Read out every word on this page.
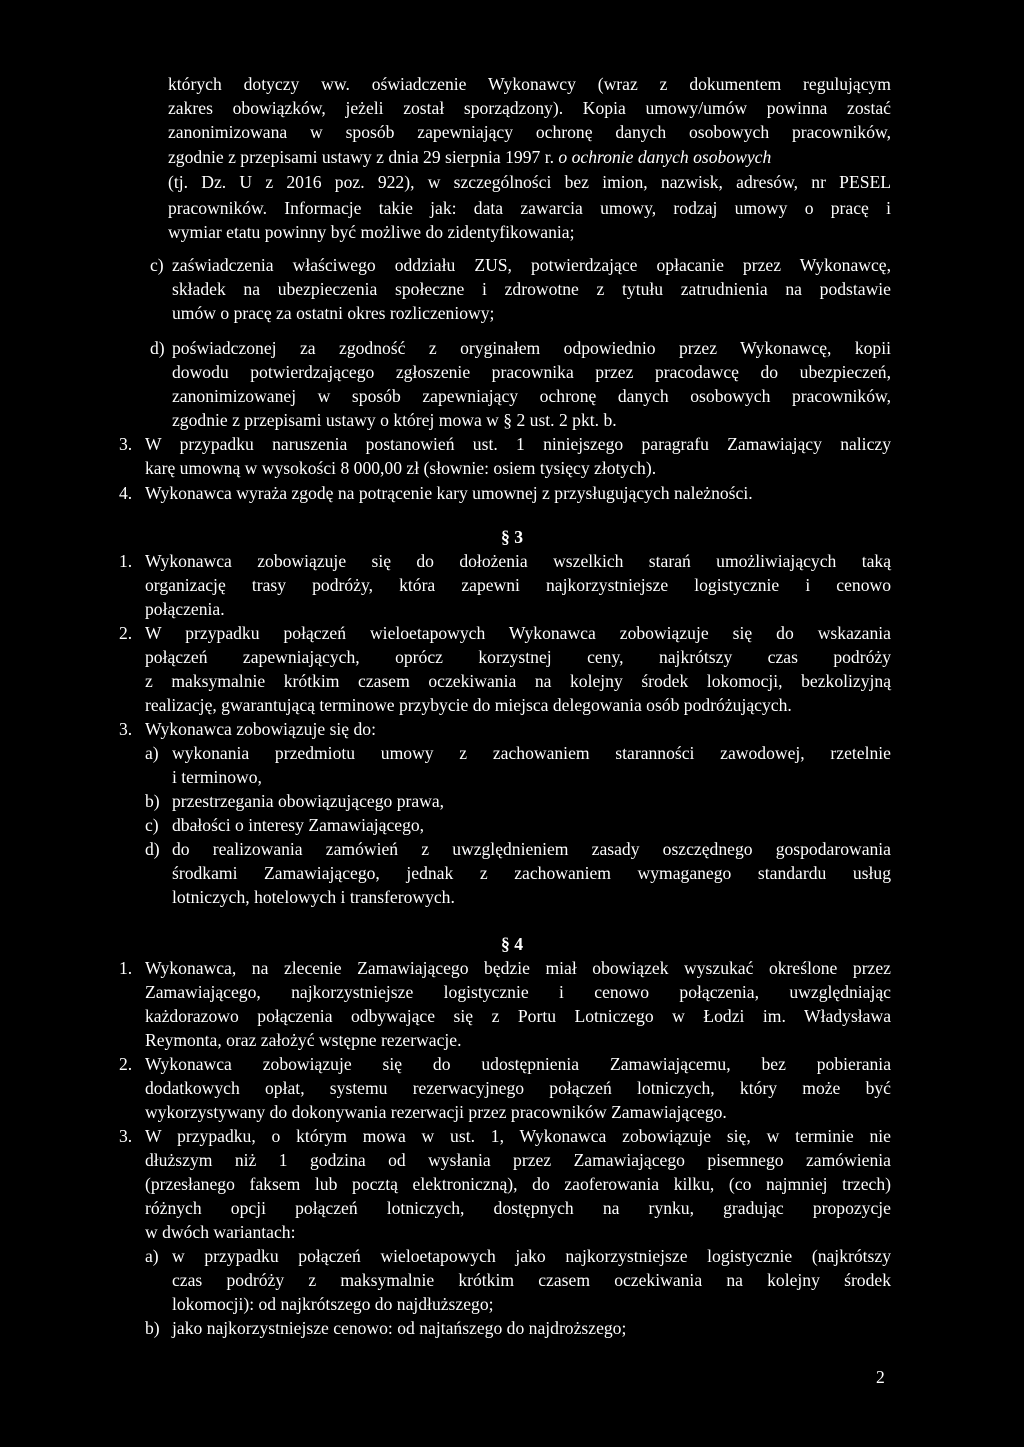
których dotyczy ww. oświadczenie Wykonawcy (wraz z dokumentem regulującym
zakres obowiązków, jeżeli został sporządzony). Kopia umowy/umów powinna zostać
zanonimizowana w sposób zapewniający ochronę danych osobowych pracowników,
zgodnie z przepisami ustawy z dnia 29 sierpnia 1997 r. o ochronie danych osobowych
(tj. Dz. U z 2016 poz. 922), w szczególności bez imion, nazwisk, adresów, nr PESEL
pracowników. Informacje takie jak: data zawarcia umowy, rodzaj umowy o pracę i
wymiar etatu powinny być możliwe do zidentyfikowania;
c) zaświadczenia właściwego oddziału ZUS, potwierdzające opłacanie przez Wykonawcę,
składek na ubezpieczenia społeczne i zdrowotne z tytułu zatrudnienia na podstawie
umów o pracę za ostatni okres rozliczeniowy;
d) poświadczonej za zgodność z oryginałem odpowiednio przez Wykonawcę, kopii
dowodu potwierdzającego zgłoszenie pracownika przez pracodawcę do ubezpieczeń,
zanonimizowanej w sposób zapewniający ochronę danych osobowych pracowników,
zgodnie z przepisami ustawy o której mowa w § 2 ust. 2 pkt. b.
3. W przypadku naruszenia postanowień ust. 1 niniejszego paragrafu Zamawiający naliczy
karę umowną w wysokości 8 000,00 zł (słownie: osiem tysięcy złotych).
4. Wykonawca wyraża zgodę na potrącenie kary umownej z przysługujących należności.
§ 3
1. Wykonawca zobowiązuje się do dołożenia wszelkich starań umożliwiających taką
organizację trasy podróży, która zapewni najkorzystniejsze logistycznie i cenowo
połączenia.
2. W przypadku połączeń wieloetapowych Wykonawca zobowiązuje się do wskazania
połączeń zapewniających, oprócz korzystnej ceny, najkrótszy czas podróży
z maksymalnie krótkim czasem oczekiwania na kolejny środek lokomocji, bezkolizyjną
realizację, gwarantującą terminowe przybycie do miejsca delegowania osób podróżujących.
3. Wykonawca zobowiązuje się do:
a) wykonania przedmiotu umowy z zachowaniem staranności zawodowej, rzetelnie
i terminowo,
b) przestrzegania obowiązującego prawa,
c) dbałości o interesy Zamawiającego,
d) do realizowania zamówień z uwzględnieniem zasady oszczędnego gospodarowania
środkami Zamawiającego, jednak z zachowaniem wymaganego standardu usług
lotniczych, hotelowych i transferowych.
§ 4
1. Wykonawca, na zlecenie Zamawiającego będzie miał obowiązek wyszukać określone przez
Zamawiającego, najkorzystniejsze logistycznie i cenowo połączenia, uwzględniając
każdorazowo połączenia odbywające się z Portu Lotniczego w Łodzi im. Władysława
Reymonta, oraz założyć wstępne rezerwacje.
2. Wykonawca zobowiązuje się do udostępnienia Zamawiającemu, bez pobierania
dodatkowych opłat, systemu rezerwacyjnego połączeń lotniczych, który może być
wykorzystywany do dokonywania rezerwacji przez pracowników Zamawiającego.
3. W przypadku, o którym mowa w ust. 1, Wykonawca zobowiązuje się, w terminie nie
dłuższym niż 1 godzina od wysłania przez Zamawiającego pisemnego zamówienia
(przesłanego faksem lub pocztą elektroniczną), do zaoferowania kilku, (co najmniej trzech)
różnych opcji połączeń lotniczych, dostępnych na rynku, gradując propozycje
w dwóch wariantach:
a) w przypadku połączeń wieloetapowych jako najkorzystniejsze logistycznie (najkrótszy
czas podróży z maksymalnie krótkim czasem oczekiwania na kolejny środek
lokomocji): od najkrótszego do najdłuższego;
b) jako najkorzystniejsze cenowo: od najtańszego do najdroższego;
2
